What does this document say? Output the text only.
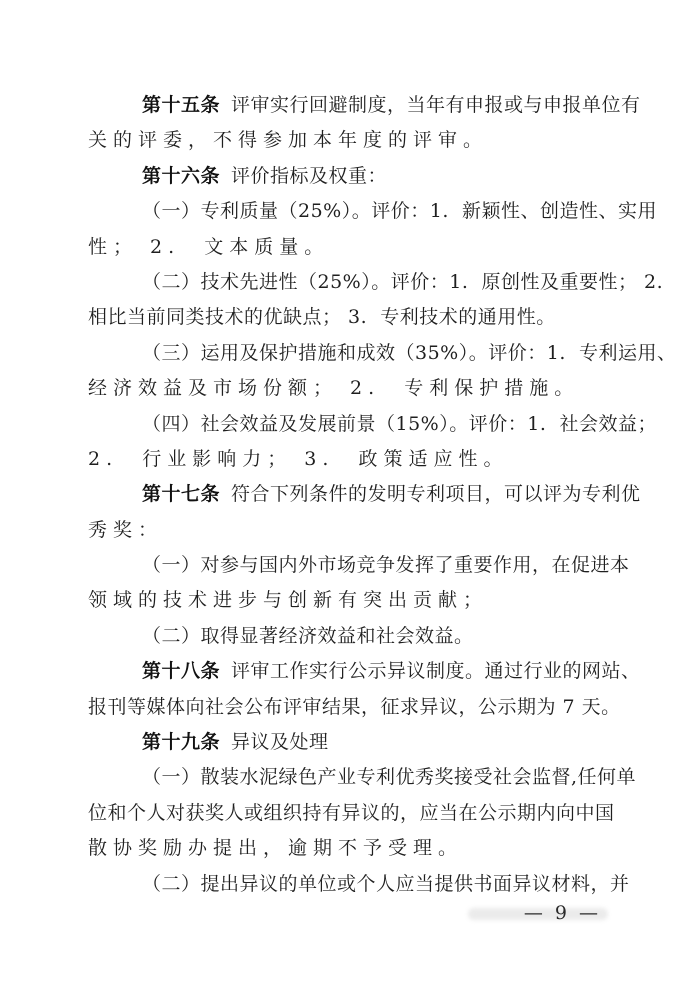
第十五条 评审实行回避制度，当年有申报或与申报单位有
关的评委，不得参加本年度的评审。
第十六条 评价指标及权重：
（一）专利质量（25%）。评价：1.  新颖性、创造性、实用
性； 2.  文本质量。
（二）技术先进性（25%）。评价：1.  原创性及重要性； 2.
相比当前同类技术的优缺点； 3.  专利技术的通用性。
（三）运用及保护措施和成效（35%）。评价：1.  专利运用、
经济效益及市场份额； 2.  专利保护措施。
（四）社会效益及发展前景（15%）。评价：1.  社会效益；
2.  行业影响力； 3.  政策适应性。
第十七条 符合下列条件的发明专利项目，可以评为专利优
秀奖：
（一）对参与国内外市场竞争发挥了重要作用，在促进本
领域的技术进步与创新有突出贡献；
（二）取得显著经济效益和社会效益。
第十八条 评审工作实行公示异议制度。通过行业的网站、
报刊等媒体向社会公布评审结果，征求异议，公示期为 7 天。
第十九条 异议及处理
（一）散装水泥绿色产业专利优秀奖接受社会监督,任何单
位和个人对获奖人或组织持有异议的，应当在公示期内向中国
散协奖励办提出，逾期不予受理。
（二）提出异议的单位或个人应当提供书面异议材料，并
— 9 —
